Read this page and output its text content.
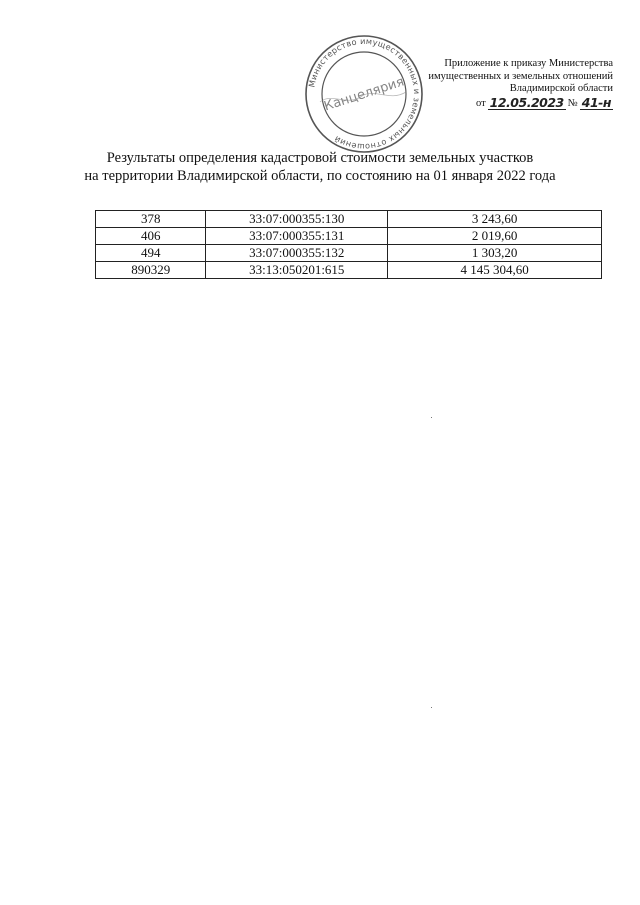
Министерство имущественных и земельных отношений
Канцелярия
Приложение к приказу Министерства
имущественных и земельных отношений
Владимирской области
от 12.05.2023 № 41-н
Результаты определения кадастровой стоимости земельных участков
на территории Владимирской области, по состоянию на 01 января 2022 года
378	33:07:000355:130	3 243,60
406	33:07:000355:131	2 019,60
494	33:07:000355:132	1 303,20
890329	33:13:050201:615	4 145 304,60
